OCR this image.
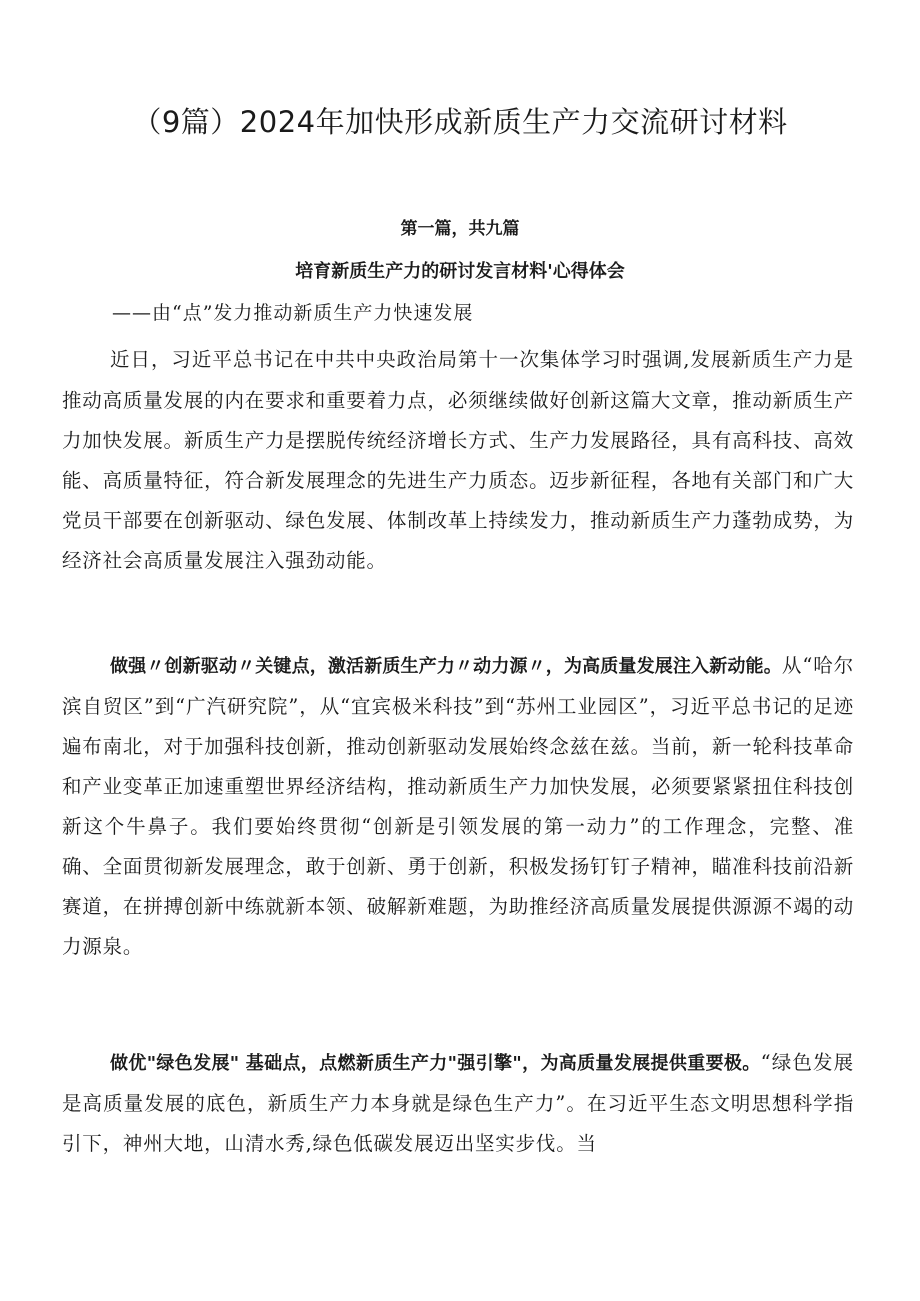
（9篇）2024年加快形成新质生产力交流研讨材料
第一篇，共九篇
培育新质生产力的研讨发言材料'心得体会
——由“点”发力推动新质生产力快速发展

近日，习近平总书记在中共中央政治局第十一次集体学习时强调,发展新质生产力是推动高质量发展的内在要求和重要着力点，必须继续做好创新这篇大文章，推动新质生产力加快发展。新质生产力是摆脱传统经济增长方式、生产力发展路径，具有高科技、高效能、高质量特征，符合新发展理念的先进生产力质态。迈步新征程，各地有关部门和广大党员干部要在创新驱动、绿色发展、体制改革上持续发力，推动新质生产力蓬勃成势，为经济社会高质量发展注入强劲动能。

做强〃创新驱动〃关键点，激活新质生产力〃动力源〃，为高质量发展注入新动能。从“哈尔滨自贸区”到“广汽研究院”，从“宜宾极米科技”到“苏州工业园区”，习近平总书记的足迹遍布南北，对于加强科技创新，推动创新驱动发展始终念兹在兹。当前，新一轮科技革命和产业变革正加速重塑世界经济结构，推动新质生产力加快发展，必须要紧紧扭住科技创新这个牛鼻子。我们要始终贯彻“创新是引领发展的第一动力”的工作理念，完整、准确、全面贯彻新发展理念，敢于创新、勇于创新，积极发扬钉钉子精神，瞄准科技前沿新赛道，在拼搏创新中练就新本领、破解新难题，为助推经济高质量发展提供源源不竭的动力源泉。

做优"绿色发展" 基础点，点燃新质生产力"强引擎"，为高质量发展提供重要极。“绿色发展是高质量发展的底色，新质生产力本身就是绿色生产力”。在习近平生态文明思想科学指引下，神州大地，山清水秀,绿色低碳发展迈出坚实步伐。当
